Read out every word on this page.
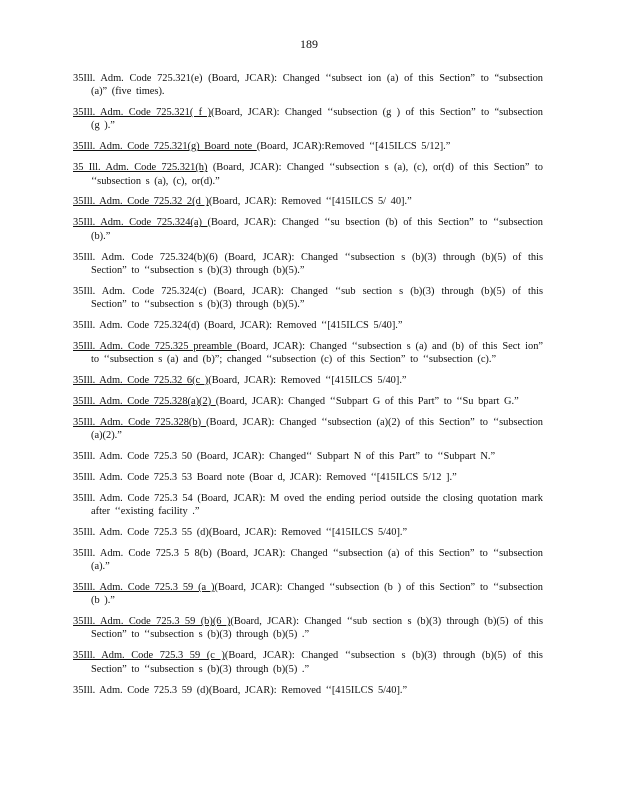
189

35Ill. Adm. Code 725.321(e) (Board, JCAR): Changed ‘‘subsect ion (a) of this Section” to “subsection (a)” (five times).

35Ill. Adm. Code 725.321( f )(Board, JCAR): Changed ‘‘subsection (g ) of this Section” to “subsection (g ).”

35Ill. Adm. Code 725.321(g) Board note (Board, JCAR):Removed ‘‘[415ILCS 5/12].”

35 Ill. Adm. Code 725.321(h) (Board, JCAR): Changed ‘‘subsection s (a), (c), or(d) of this Section” to ‘‘subsection s (a), (c), or(d).”

35Ill. Adm. Code 725.32 2(d )(Board, JCAR): Removed ‘‘[415ILCS 5/ 40].”

35Ill. Adm. Code 725.324(a) (Board, JCAR): Changed ‘‘su bsection (b) of this Section” to ‘‘subsection (b).”

35Ill. Adm. Code 725.324(b)(6) (Board, JCAR): Changed ‘‘subsection s (b)(3) through (b)(5) of this Section” to ‘‘subsection s (b)(3) through (b)(5).”

35Ill. Adm. Code 725.324(c) (Board, JCAR): Changed ‘‘sub section s (b)(3) through (b)(5) of this Section” to ‘‘subsection s (b)(3) through (b)(5).”

35Ill. Adm. Code 725.324(d) (Board, JCAR): Removed ‘‘[415ILCS 5/40].”

35Ill. Adm. Code 725.325 preamble (Board, JCAR): Changed ‘‘subsection s (a) and (b) of this Sect ion” to ‘‘subsection s (a) and (b)”; changed ‘‘subsection (c) of this Section” to ‘‘subsection (c).”

35Ill. Adm. Code 725.32 6(c )(Board, JCAR): Removed ‘‘[415ILCS 5/40].”

35Ill. Adm. Code 725.328(a)(2) (Board, JCAR): Changed ‘‘Subpart G of this Part” to ‘‘Su bpart G.”

35Ill. Adm. Code 725.328(b) (Board, JCAR): Changed ‘‘subsection (a)(2) of this Section” to ‘‘subsection (a)(2).”

35Ill. Adm. Code 725.3 50 (Board, JCAR): Changed‘‘ Subpart N of this Part” to ‘‘Subpart N.”

35Ill. Adm. Code 725.3 53 Board note (Boar d, JCAR): Removed ‘‘[415ILCS 5/12 ].”

35Ill. Adm. Code 725.3 54 (Board, JCAR): M oved the ending period outside the closing quotation mark after ‘‘existing facility .”

35Ill. Adm. Code 725.3 55 (d)(Board, JCAR): Removed ‘‘[415ILCS 5/40].”

35Ill. Adm. Code 725.3 5 8(b) (Board, JCAR): Changed ‘‘subsection (a) of this Section” to ‘‘subsection (a).”

35Ill. Adm. Code 725.3 59 (a )(Board, JCAR): Changed ‘‘subsection (b ) of this Section” to ‘‘subsection (b ).”

35Ill. Adm. Code 725.3 59 (b)(6 )(Board, JCAR): Changed ‘‘sub section s (b)(3) through (b)(5) of this Section” to ‘‘subsection s (b)(3) through (b)(5) .”

35Ill. Adm. Code 725.3 59 (c )(Board, JCAR): Changed ‘‘subsection s (b)(3) through (b)(5) of this Section” to ‘‘subsection s (b)(3) through (b)(5) .”

35Ill. Adm. Code 725.3 59 (d)(Board, JCAR): Removed ‘‘[415ILCS 5/40].”
